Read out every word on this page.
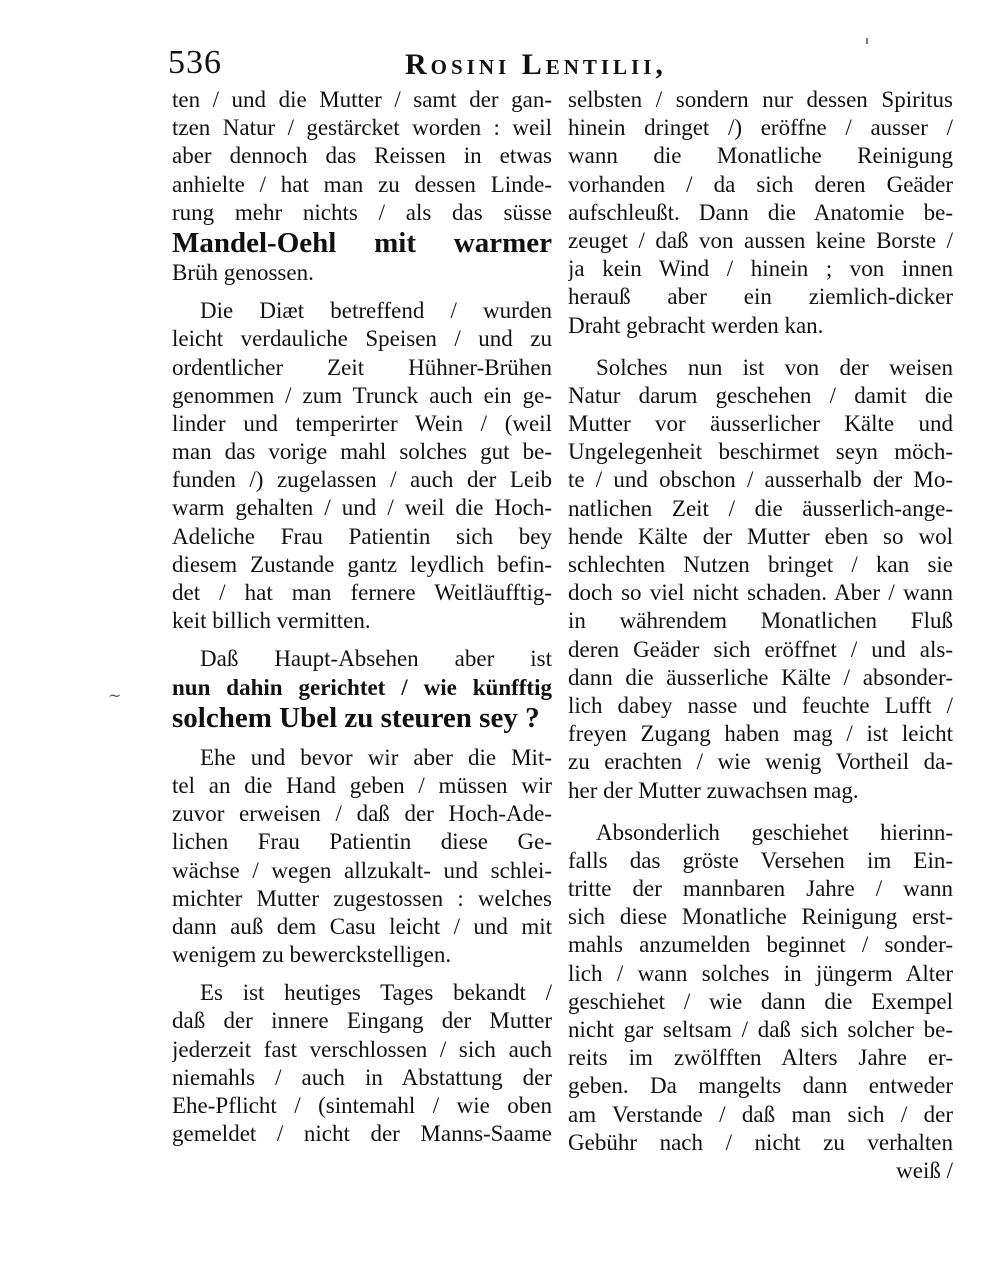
536	Rosini Lentilii,
~
ten / und die Mutter / samt der gan-
tzen Natur / gestärcket worden : weil
aber dennoch das Reissen in etwas
anhielte / hat man zu dessen Linde-
rung mehr nichts / als das süsse
Mandel-Oehl mit warmer
Brüh genossen.
Die Diæt betreffend / wurden
leicht verdauliche Speisen / und zu
ordentlicher Zeit Hühner-Brühen
genommen / zum Trunck auch ein ge-
linder und temperirter Wein / (weil
man das vorige mahl solches gut be-
funden /) zugelassen / auch der Leib
warm gehalten / und / weil die Hoch-
Adeliche Frau Patientin sich bey
diesem Zustande gantz leydlich befin-
det / hat man fernere Weitläufftig-
keit billich vermitten.
Daß Haupt-Absehen aber ist
nun dahin gerichtet / wie künfftig
solchem Ubel zu steuren sey ?
Ehe und bevor wir aber die Mit-
tel an die Hand geben / müssen wir
zuvor erweisen / daß der Hoch-Ade-
lichen Frau Patientin diese Ge-
wächse / wegen allzukalt- und schlei-
michter Mutter zugestossen : welches
dann auß dem Casu leicht / und mit
wenigem zu bewerckstelligen.
Es ist heutiges Tages bekandt /
daß der innere Eingang der Mutter
jederzeit fast verschlossen / sich auch
niemahls / auch in Abstattung der
Ehe-Pflicht / (sintemahl / wie oben
gemeldet / nicht der Manns-Saame
selbsten / sondern nur dessen Spiritus
hinein dringet /) eröffne / ausser /
wann die Monatliche Reinigung
vorhanden / da sich deren Geäder
aufschleußt. Dann die Anatomie be-
zeuget / daß von aussen keine Borste /
ja kein Wind / hinein ; von innen
herauß aber ein ziemlich-dicker
Draht gebracht werden kan.
Solches nun ist von der weisen
Natur darum geschehen / damit die
Mutter vor äusserlicher Kälte und
Ungelegenheit beschirmet seyn möch-
te / und obschon / ausserhalb der Mo-
natlichen Zeit / die äusserlich-ange-
hende Kälte der Mutter eben so wol
schlechten Nutzen bringet / kan sie
doch so viel nicht schaden. Aber / wann
in währendem Monatlichen Fluß
deren Geäder sich eröffnet / und als-
dann die äusserliche Kälte / absonder-
lich dabey nasse und feuchte Lufft /
freyen Zugang haben mag / ist leicht
zu erachten / wie wenig Vortheil da-
her der Mutter zuwachsen mag.
Absonderlich geschiehet hierinn-
falls das gröste Versehen im Ein-
tritte der mannbaren Jahre / wann
sich diese Monatliche Reinigung erst-
mahls anzumelden beginnet / sonder-
lich / wann solches in jüngerm Alter
geschiehet / wie dann die Exempel
nicht gar seltsam / daß sich solcher be-
reits im zwölfften Alters Jahre er-
geben. Da mangelts dann entweder
am Verstande / daß man sich / der
Gebühr nach / nicht zu verhalten
weiß /
